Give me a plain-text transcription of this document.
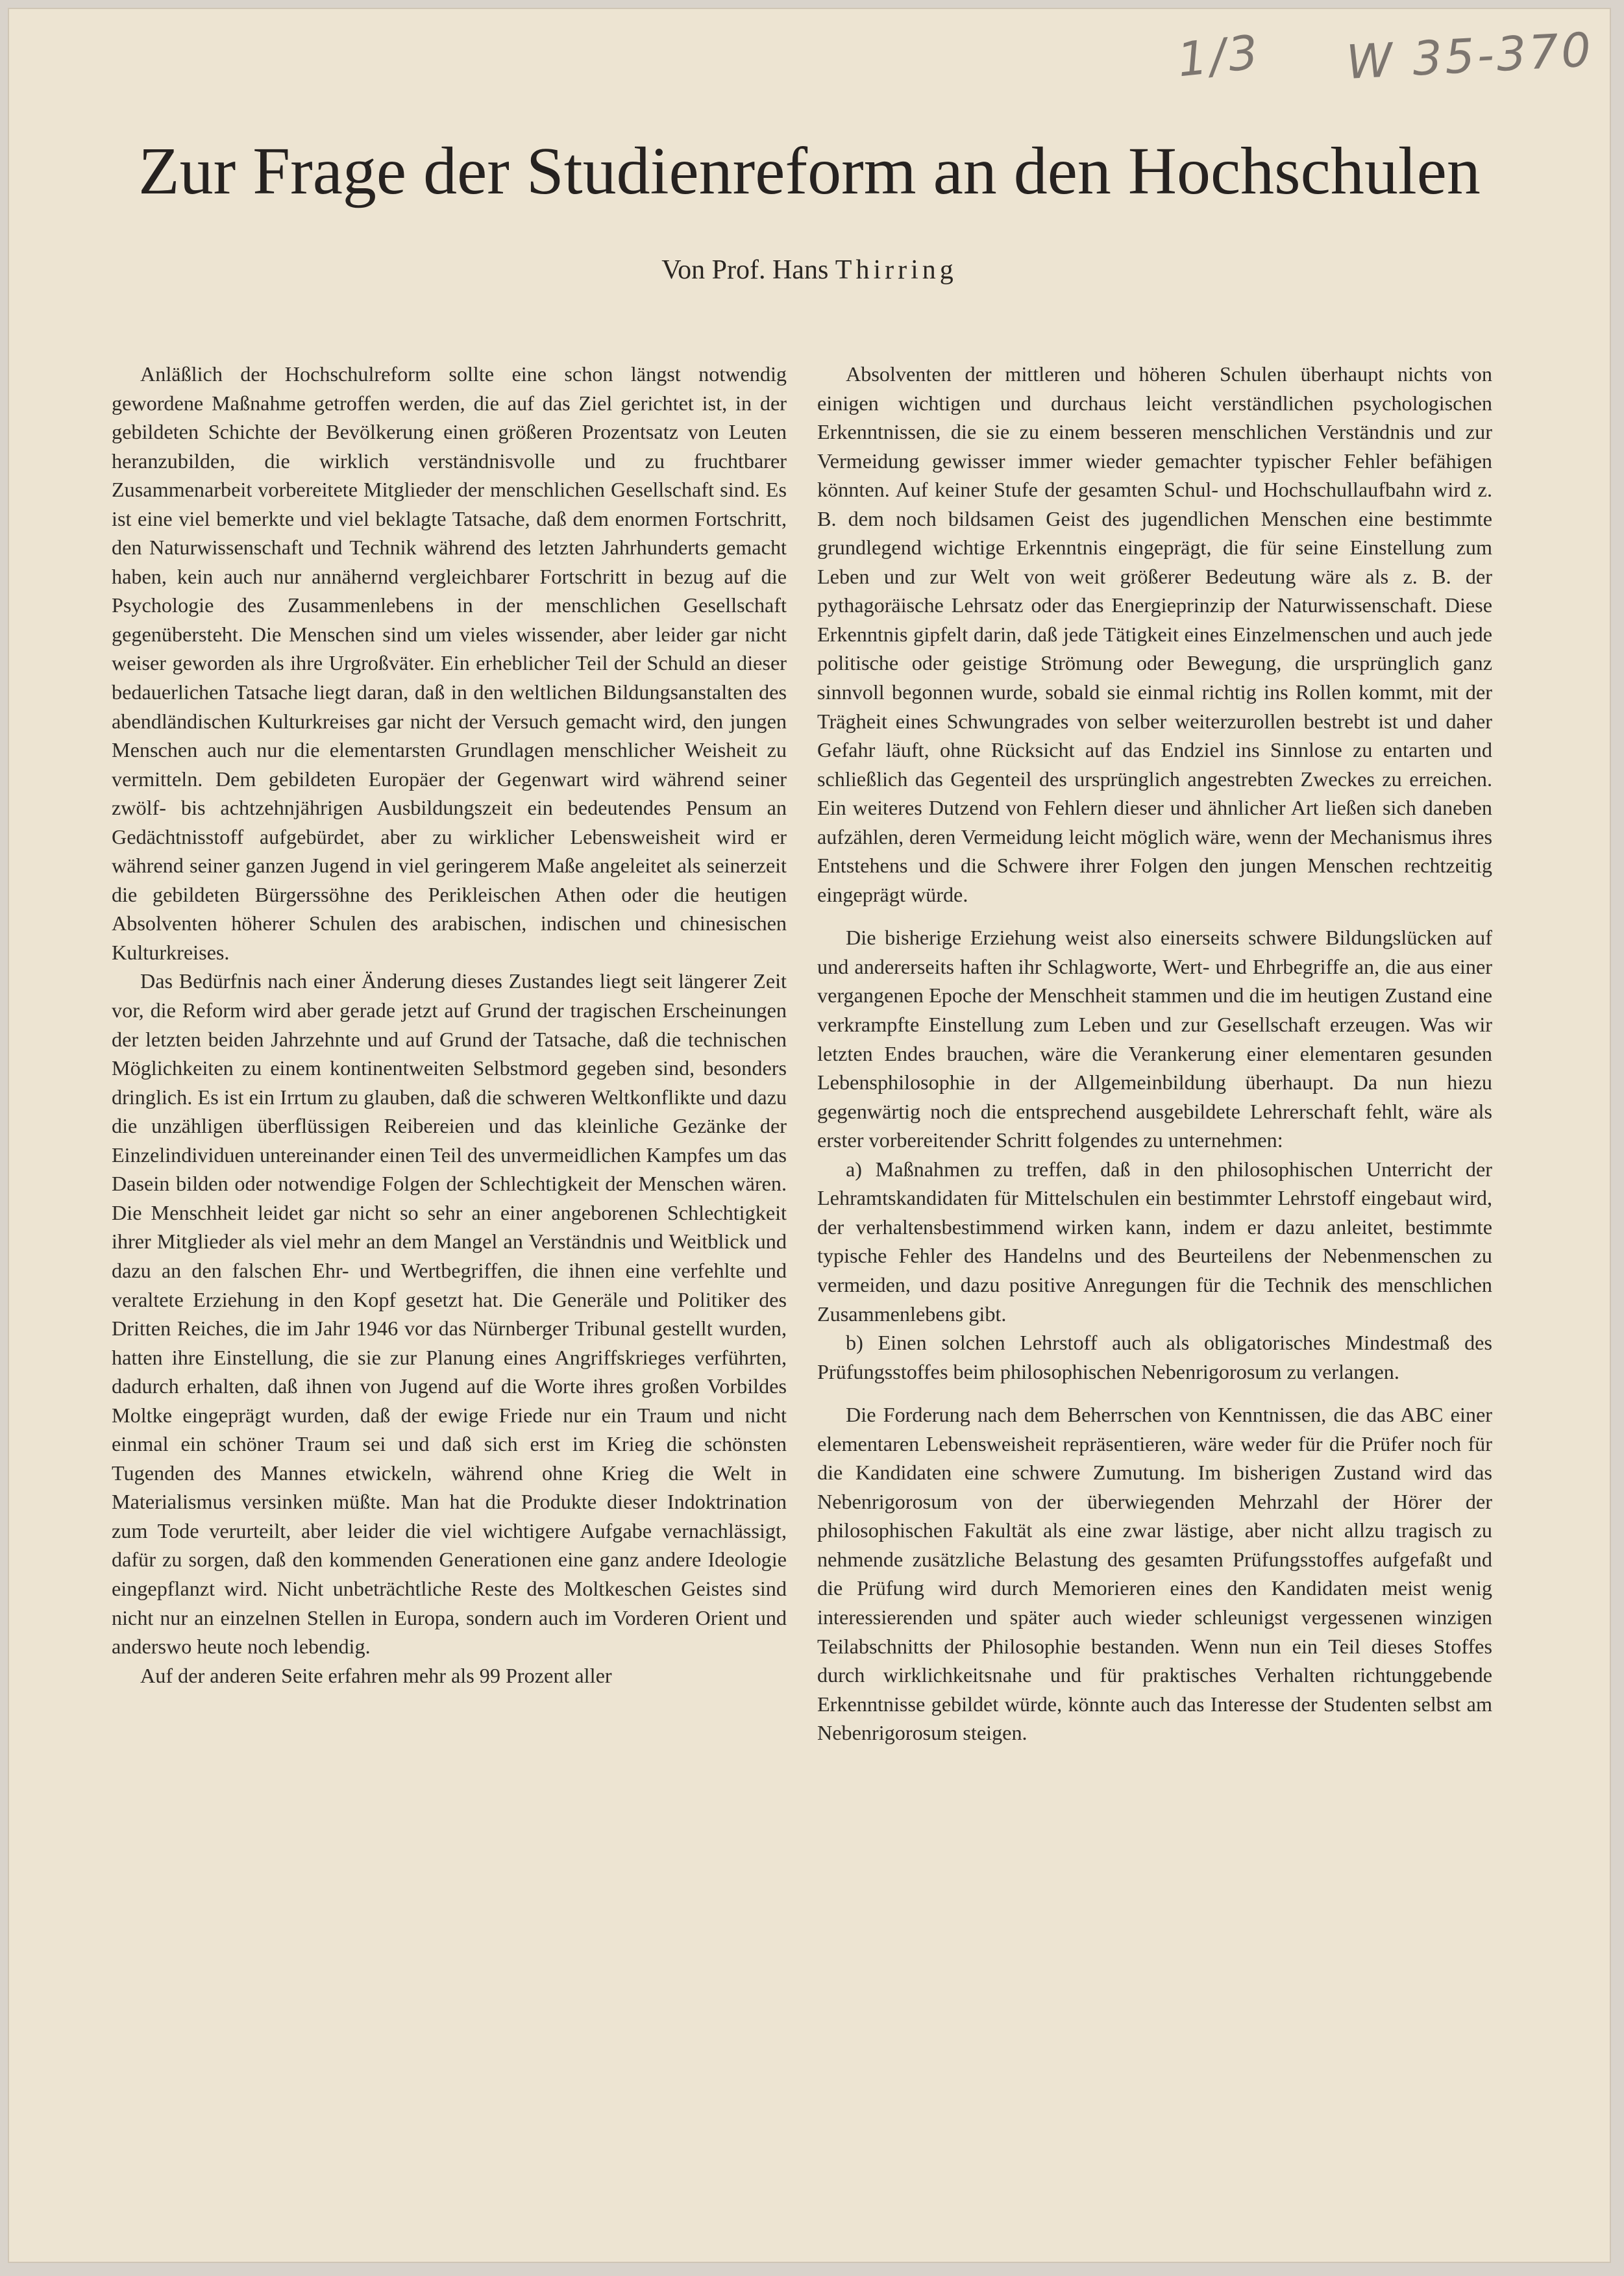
1/3 W 35-370
Zur Frage der Studienreform an den Hochschulen
Von Prof. Hans Thirring

Anläßlich der Hochschulreform sollte eine schon längst notwendig gewordene Maßnahme getroffen werden, die auf das Ziel gerichtet ist, in der gebildeten Schichte der Bevölkerung einen größeren Prozentsatz von Leuten heranzubilden, die wirklich verständnisvolle und zu fruchtbarer Zusammenarbeit vorbereitete Mitglieder der menschlichen Gesellschaft sind. Es ist eine viel bemerkte und viel beklagte Tatsache, daß dem enormen Fortschritt, den Naturwissenschaft und Technik während des letzten Jahrhunderts gemacht haben, kein auch nur annähernd vergleichbarer Fortschritt in bezug auf die Psychologie des Zusammenlebens in der menschlichen Gesellschaft gegenübersteht. Die Menschen sind um vieles wissender, aber leider gar nicht weiser geworden als ihre Urgroßväter. Ein erheblicher Teil der Schuld an dieser bedauerlichen Tatsache liegt daran, daß in den weltlichen Bildungsanstalten des abendländischen Kulturkreises gar nicht der Versuch gemacht wird, den jungen Menschen auch nur die elementarsten Grundlagen menschlicher Weisheit zu vermitteln. Dem gebildeten Europäer der Gegenwart wird während seiner zwölf- bis achtzehnjährigen Ausbildungszeit ein bedeutendes Pensum an Gedächtnisstoff aufgebürdet, aber zu wirklicher Lebensweisheit wird er während seiner ganzen Jugend in viel geringerem Maße angeleitet als seinerzeit die gebildeten Bürgerssöhne des Perikleischen Athen oder die heutigen Absolventen höherer Schulen des arabischen, indischen und chinesischen Kulturkreises.

Das Bedürfnis nach einer Änderung dieses Zustandes liegt seit längerer Zeit vor, die Reform wird aber gerade jetzt auf Grund der tragischen Erscheinungen der letzten beiden Jahrzehnte und auf Grund der Tatsache, daß die technischen Möglichkeiten zu einem kontinentweiten Selbstmord gegeben sind, besonders dringlich. Es ist ein Irrtum zu glauben, daß die schweren Weltkonflikte und dazu die unzähligen überflüssigen Reibereien und das kleinliche Gezänke der Einzelindividuen untereinander einen Teil des unvermeidlichen Kampfes um das Dasein bilden oder notwendige Folgen der Schlechtigkeit der Menschen wären. Die Menschheit leidet gar nicht so sehr an einer angeborenen Schlechtigkeit ihrer Mitglieder als viel mehr an dem Mangel an Verständnis und Weitblick und dazu an den falschen Ehr- und Wertbegriffen, die ihnen eine verfehlte und veraltete Erziehung in den Kopf gesetzt hat. Die Generäle und Politiker des Dritten Reiches, die im Jahr 1946 vor das Nürnberger Tribunal gestellt wurden, hatten ihre Einstellung, die sie zur Planung eines Angriffskrieges verführten, dadurch erhalten, daß ihnen von Jugend auf die Worte ihres großen Vorbildes Moltke eingeprägt wurden, daß der ewige Friede nur ein Traum und nicht einmal ein schöner Traum sei und daß sich erst im Krieg die schönsten Tugenden des Mannes etwickeln, während ohne Krieg die Welt in Materialismus versinken müßte. Man hat die Produkte dieser Indoktrination zum Tode verurteilt, aber leider die viel wichtigere Aufgabe vernachlässigt, dafür zu sorgen, daß den kommenden Generationen eine ganz andere Ideologie eingepflanzt wird. Nicht unbeträchtliche Reste des Moltkeschen Geistes sind nicht nur an einzelnen Stellen in Europa, sondern auch im Vorderen Orient und anderswo heute noch lebendig.

Auf der anderen Seite erfahren mehr als 99 Prozent aller

Absolventen der mittleren und höheren Schulen überhaupt nichts von einigen wichtigen und durchaus leicht verständlichen psychologischen Erkenntnissen, die sie zu einem besseren menschlichen Verständnis und zur Vermeidung gewisser immer wieder gemachter typischer Fehler befähigen könnten. Auf keiner Stufe der gesamten Schul- und Hochschullaufbahn wird z. B. dem noch bildsamen Geist des jugendlichen Menschen eine bestimmte grundlegend wichtige Erkenntnis eingeprägt, die für seine Einstellung zum Leben und zur Welt von weit größerer Bedeutung wäre als z. B. der pythagoräische Lehrsatz oder das Energieprinzip der Naturwissenschaft. Diese Erkenntnis gipfelt darin, daß jede Tätigkeit eines Einzelmenschen und auch jede politische oder geistige Strömung oder Bewegung, die ursprünglich ganz sinnvoll begonnen wurde, sobald sie einmal richtig ins Rollen kommt, mit der Trägheit eines Schwungrades von selber weiterzurollen bestrebt ist und daher Gefahr läuft, ohne Rücksicht auf das Endziel ins Sinnlose zu entarten und schließlich das Gegenteil des ursprünglich angestrebten Zweckes zu erreichen. Ein weiteres Dutzend von Fehlern dieser und ähnlicher Art ließen sich daneben aufzählen, deren Vermeidung leicht möglich wäre, wenn der Mechanismus ihres Entstehens und die Schwere ihrer Folgen den jungen Menschen rechtzeitig eingeprägt würde.

Die bisherige Erziehung weist also einerseits schwere Bildungslücken auf und andererseits haften ihr Schlagworte, Wert- und Ehrbegriffe an, die aus einer vergangenen Epoche der Menschheit stammen und die im heutigen Zustand eine verkrampfte Einstellung zum Leben und zur Gesellschaft erzeugen. Was wir letzten Endes brauchen, wäre die Verankerung einer elementaren gesunden Lebensphilosophie in der Allgemeinbildung überhaupt. Da nun hiezu gegenwärtig noch die entsprechend ausgebildete Lehrerschaft fehlt, wäre als erster vorbereitender Schritt folgendes zu unternehmen:

a) Maßnahmen zu treffen, daß in den philosophischen Unterricht der Lehramtskandidaten für Mittelschulen ein bestimmter Lehrstoff eingebaut wird, der verhaltensbestimmend wirken kann, indem er dazu anleitet, bestimmte typische Fehler des Handelns und des Beurteilens der Nebenmenschen zu vermeiden, und dazu positive Anregungen für die Technik des menschlichen Zusammenlebens gibt.

b) Einen solchen Lehrstoff auch als obligatorisches Mindestmaß des Prüfungsstoffes beim philosophischen Nebenrigorosum zu verlangen.

Die Forderung nach dem Beherrschen von Kenntnissen, die das ABC einer elementaren Lebensweisheit repräsentieren, wäre weder für die Prüfer noch für die Kandidaten eine schwere Zumutung. Im bisherigen Zustand wird das Nebenrigorosum von der überwiegenden Mehrzahl der Hörer der philosophischen Fakultät als eine zwar lästige, aber nicht allzu tragisch zu nehmende zusätzliche Belastung des gesamten Prüfungsstoffes aufgefaßt und die Prüfung wird durch Memorieren eines den Kandidaten meist wenig interessierenden und später auch wieder schleunigst vergessenen winzigen Teilabschnitts der Philosophie bestanden. Wenn nun ein Teil dieses Stoffes durch wirklichkeitsnahe und für praktisches Verhalten richtunggebende Erkenntnisse gebildet würde, könnte auch das Interesse der Studenten selbst am Nebenrigorosum steigen.
